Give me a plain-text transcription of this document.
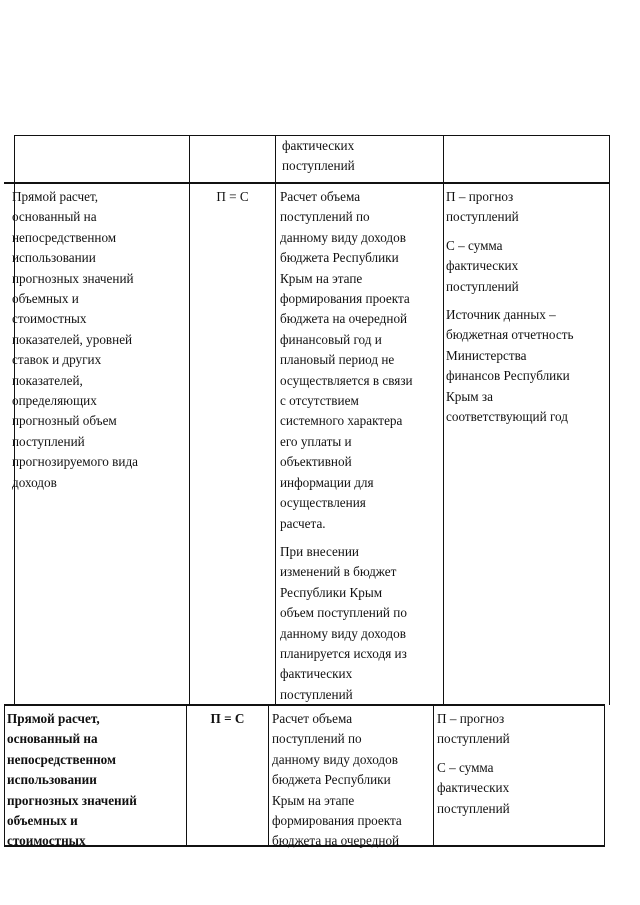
фактических

поступлений

Прямой расчет,

основанный на

непосредственном

использовании

прогнозных значений

объемных и

стоимостных

показателей, уровней

ставок и других

показателей,

определяющих

прогнозный объем

поступлений

прогнозируемого вида

доходов

П = С	Расчет объема

поступлений по

данному виду доходов

бюджета Республики

Крым на этапе

формирования проекта

бюджета на очередной

финансовый год и

плановый период не

осуществляется в связи

с отсутствием

системного характера

его уплаты и

объективной

информации для

осуществления

расчета.

При внесении

изменений в бюджет

Республики Крым

объем поступлений по

данному виду доходов

планируется исходя из

фактических

поступлений

П – прогноз

поступлений

С – сумма

фактических

поступлений

Источник данных –

бюджетная отчетность

Министерства

финансов Республики

Крым за

соответствующий год

Прямой расчет,

основанный на

непосредственном

использовании

прогнозных значений

объемных и

стоимостных

П = С	Расчет объема

поступлений по

данному виду доходов

бюджета Республики

Крым на этапе

формирования проекта

бюджета на очередной

П – прогноз

поступлений

С – сумма

фактических

поступлений
